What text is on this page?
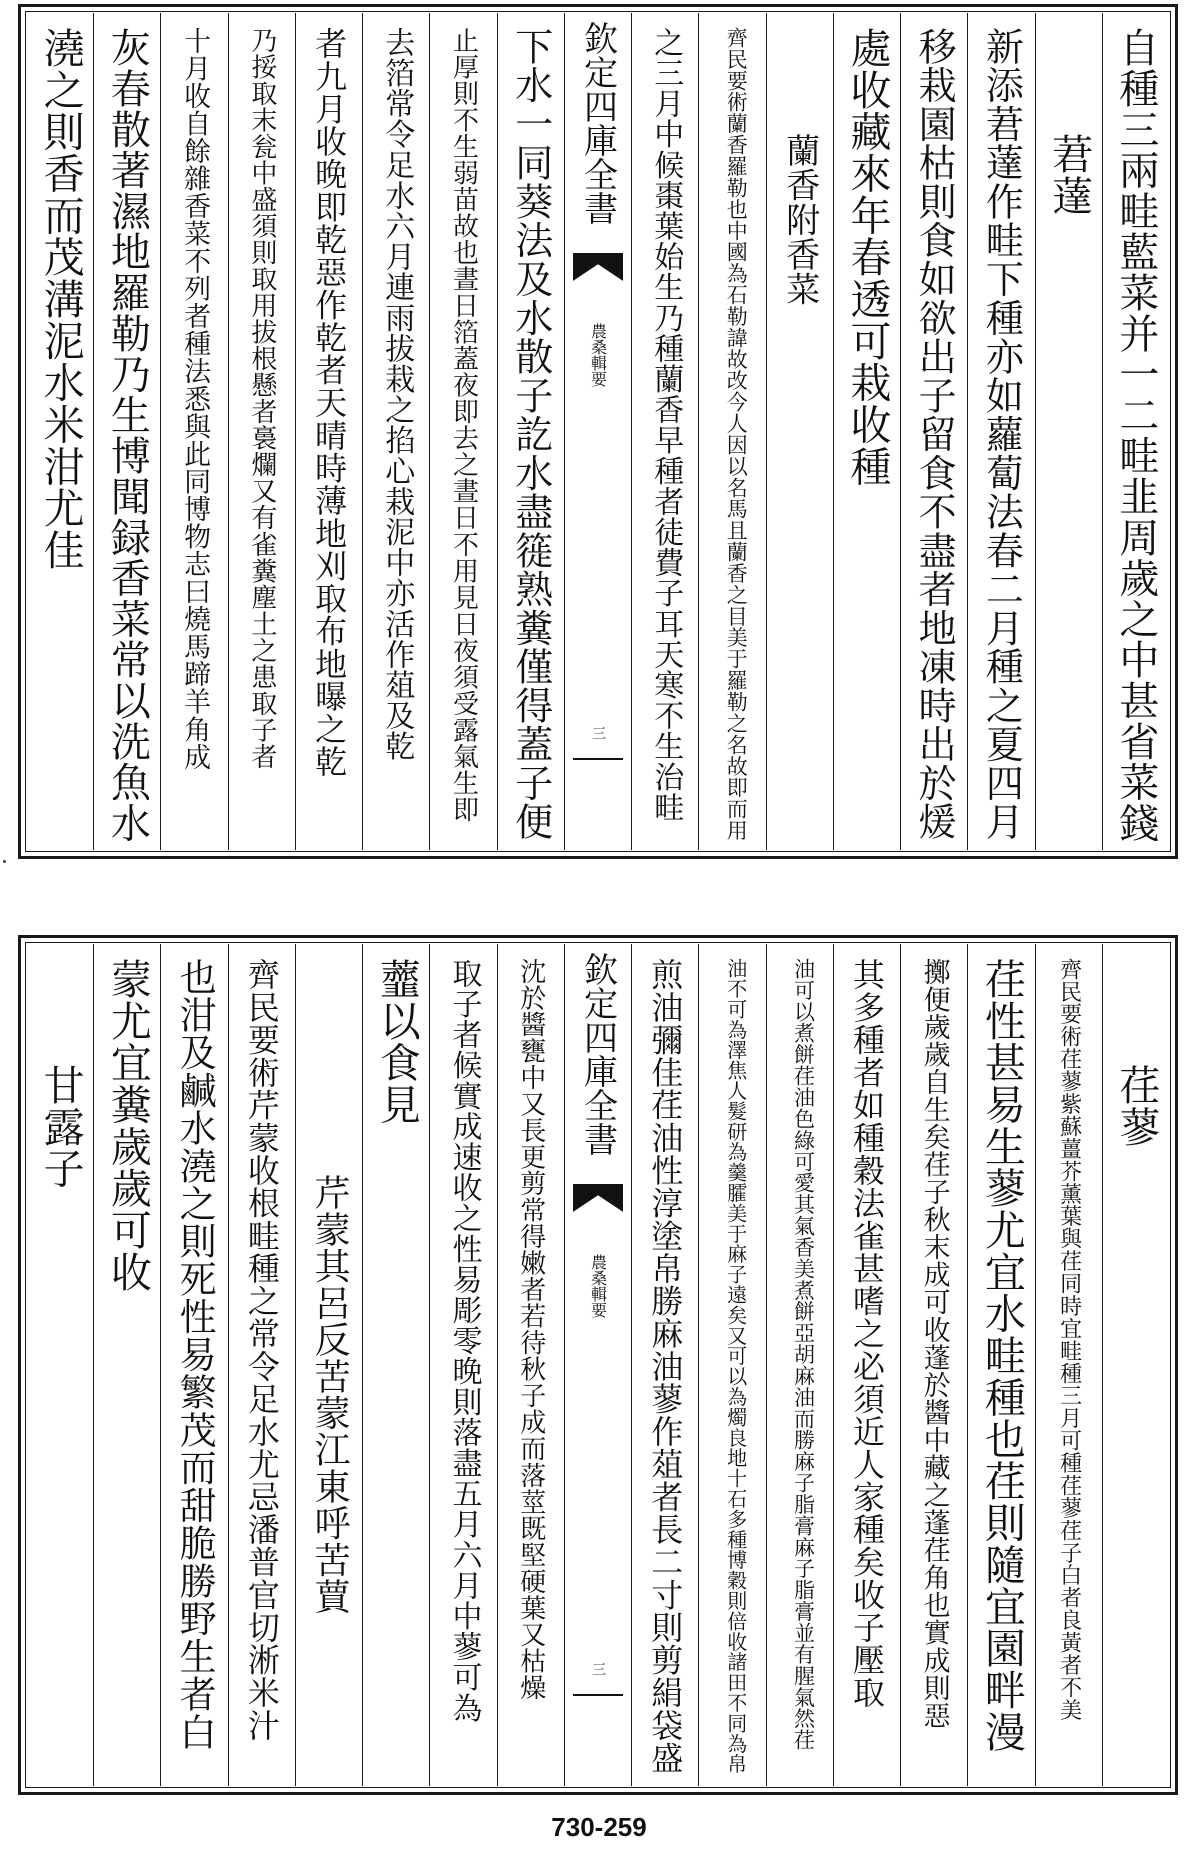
自種三兩畦藍菜并一二畦韭周歲之中甚省菜錢
莙薘
新添莙薘作畦下種亦如蘿蔔法春二月種之夏四月
移栽園枯則食如欲出子留食不盡者地凍時出於煖
處收藏來年春透可栽收種
蘭香附香菜
齊民要術蘭香羅勒也中國為石勒諱故改今人因以名馬且蘭香之目美于羅勒之名故即而用
之三月中候棗葉始生乃種蘭香早種者徒費子耳天寒不生治畦
欽定四庫全書
農桑輯要
三
下水一同葵法及水散子訖水盡簁熟糞僅得蓋子便
止厚則不生弱苗故也晝日箔蓋夜即去之晝日不用見日夜須受露氣生即
去箔常令足水六月連雨拔栽之掐心栽泥中亦活作葅及乾
者九月收晚即乾惡作乾者天晴時薄地刈取布地曝之乾
乃挼取末瓮中盛須則取用拔根懸者裛爛又有雀糞塵土之患取子者
十月收自餘雜香菜不列者種法悉與此同博物志曰燒馬蹄羊角成
灰春散著濕地羅勒乃生博聞録香菜常以洗魚水
澆之則香而茂溝泥水米泔尤佳
荏蓼
齊民要術荏蓼紫蘇薑芥薰葉與荏同時宜畦種三月可種荏蓼荏子白者良黃者不美
荏性甚易生蓼尤宜水畦種也荏則隨宜園畔漫
擲便歲歲自生矣荏子秋末成可收蓬於醬中藏之蓬荏角也實成則惡
其多種者如種穀法雀甚嗜之必須近人家種矣收子壓取
油可以煮餅荏油色綠可愛其氣香美煮餅亞胡麻油而勝麻子脂膏麻子脂膏並有腥氣然荏
油不可為澤焦人髮研為羹臛美于麻子遠矣又可以為燭良地十石多種博穀則倍收諸田不同為帛
煎油彌佳荏油性淳塗帛勝麻油蓼作葅者長二寸則剪絹袋盛
欽定四庫全書
農桑輯要
三
沈於醬甕中又長更剪常得嫩者若待秋子成而落莖既堅硬葉又枯燥
取子者候實成速收之性易彫零晚則落盡五月六月中蓼可為
虀以食見
芹蒙其呂反苦蒙江東呼苦蕒
齊民要術芹蒙收根畦種之常令足水尤忌潘普官切淅米汁
也泔及鹹水澆之則死性易繁茂而甜脆勝野生者白
蒙尤宜糞歲歲可收
甘露子
730-259
